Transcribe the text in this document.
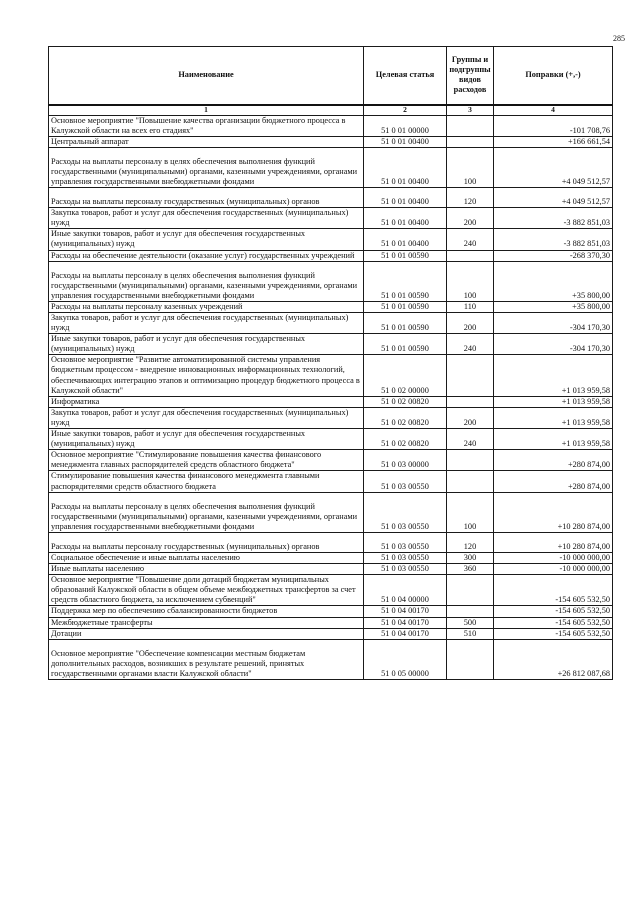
285
Наименование	Целевая статья	Группы и подгруппы видов расходов	Поправки (+,-)
1	2	3	4
Основное мероприятие "Повышение качества организации бюджетного процесса в Калужской области на всех его стадиях"	51 0 01 00000		-101 708,76
Центральный аппарат	51 0 01 00400		+166 661,54

Расходы на выплаты персоналу в целях обеспечения выполнения функций государственными (муниципальными) органами, казенными учреждениями, органами управления государственными внебюджетными фондами	51 0 01 00400	100	+4 049 512,57

Расходы на выплаты персоналу государственных (муниципальных) органов	51 0 01 00400	120	+4 049 512,57
Закупка товаров, работ и услуг для обеспечения государственных (муниципальных) нужд	51 0 01 00400	200	-3 882 851,03
Иные закупки товаров, работ и услуг для обеспечения государственных (муниципальных) нужд	51 0 01 00400	240	-3 882 851,03
Расходы на обеспечение деятельности (оказание услуг) государственных учреждений	51 0 01 00590		-268 370,30

Расходы на выплаты персоналу в целях обеспечения выполнения функций государственными (муниципальными) органами, казенными учреждениями, органами управления государственными внебюджетными фондами	51 0 01 00590	100	+35 800,00
Расходы на выплаты персоналу казенных учреждений	51 0 01 00590	110	+35 800,00
Закупка товаров, работ и услуг для обеспечения государственных (муниципальных) нужд	51 0 01 00590	200	-304 170,30
Иные закупки товаров, работ и услуг для обеспечения государственных (муниципальных) нужд	51 0 01 00590	240	-304 170,30
Основное мероприятие "Развитие автоматизированной системы управления бюджетным процессом - внедрение инновационных информационных технологий, обеспечивающих интеграцию этапов и оптимизацию процедур бюджетного процесса в Калужской области"	51 0 02 00000		+1 013 959,58
Информатика	51 0 02 00820		+1 013 959,58
Закупка товаров, работ и услуг для обеспечения государственных (муниципальных) нужд	51 0 02 00820	200	+1 013 959,58
Иные закупки товаров, работ и услуг для обеспечения государственных (муниципальных) нужд	51 0 02 00820	240	+1 013 959,58
Основное мероприятие "Стимулирование повышения качества финансового менеджмента главных распорядителей средств областного бюджета"	51 0 03 00000		+280 874,00
Стимулирование повышения качества финансового менеджмента главными распорядителями средств областного бюджета	51 0 03 00550		+280 874,00

Расходы на выплаты персоналу в целях обеспечения выполнения функций государственными (муниципальными) органами, казенными учреждениями, органами управления государственными внебюджетными фондами	51 0 03 00550	100	+10 280 874,00

Расходы на выплаты персоналу государственных (муниципальных) органов	51 0 03 00550	120	+10 280 874,00
Социальное обеспечение и иные выплаты населению	51 0 03 00550	300	-10 000 000,00
Иные выплаты населению	51 0 03 00550	360	-10 000 000,00
Основное мероприятие "Повышение доли дотаций бюджетам муниципальных образований Калужской области в общем объеме межбюджетных трансфертов за счет средств областного бюджета, за исключением субвенций"	51 0 04 00000		-154 605 532,50
Поддержка мер по обеспечению сбалансированности бюджетов	51 0 04 00170		-154 605 532,50
Межбюджетные трансферты	51 0 04 00170	500	-154 605 532,50
Дотации	51 0 04 00170	510	-154 605 532,50

Основное мероприятие "Обеспечение компенсации местным бюджетам дополнительных расходов, возникших в результате решений, принятых государственными органами власти Калужской области"	51 0 05 00000		+26 812 087,68
